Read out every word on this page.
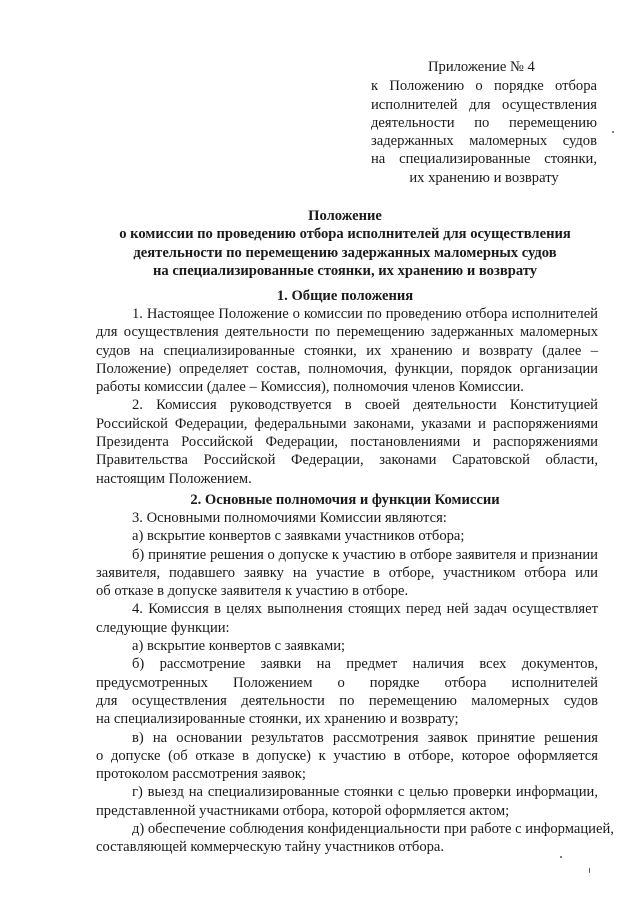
Приложение № 4
к Положению о порядке отбора
исполнителей для осуществления
деятельности по перемещению
задержанных маломерных судов
на специализированные стоянки,
их хранению и возврату
Положение
о комиссии по проведению отбора исполнителей для осуществления
деятельности по перемещению задержанных маломерных судов
на специализированные стоянки, их хранению и возврату
1. Общие положения
1. Настоящее Положение о комиссии по проведению отбора исполнителей
для осуществления деятельности по перемещению задержанных маломерных
судов на специализированные стоянки, их хранению и возврату (далее –
Положение) определяет состав, полномочия, функции, порядок организации
работы комиссии (далее – Комиссия), полномочия членов Комиссии.
2. Комиссия руководствуется в своей деятельности Конституцией
Российской Федерации, федеральными законами, указами и распоряжениями
Президента Российской Федерации, постановлениями и распоряжениями
Правительства Российской Федерации, законами Саратовской области,
настоящим Положением.
2. Основные полномочия и функции Комиссии
3. Основными полномочиями Комиссии являются:
а) вскрытие конвертов с заявками участников отбора;
б) принятие решения о допуске к участию в отборе заявителя и признании
заявителя, подавшего заявку на участие в отборе, участником отбора или
об отказе в допуске заявителя к участию в отборе.
4. Комиссия в целях выполнения стоящих перед ней задач осуществляет
следующие функции:
а) вскрытие конвертов с заявками;
б) рассмотрение заявки на предмет наличия всех документов,
предусмотренных Положением о порядке отбора исполнителей
для осуществления деятельности по перемещению маломерных судов
на специализированные стоянки, их хранению и возврату;
в) на основании результатов рассмотрения заявок принятие решения
о допуске (об отказе в допуске) к участию в отборе, которое оформляется
протоколом рассмотрения заявок;
г) выезд на специализированные стоянки с целью проверки информации,
представленной участниками отбора, которой оформляется актом;
д) обеспечение соблюдения конфиденциальности при работе с информацией,
составляющей коммерческую тайну участников отбора.
